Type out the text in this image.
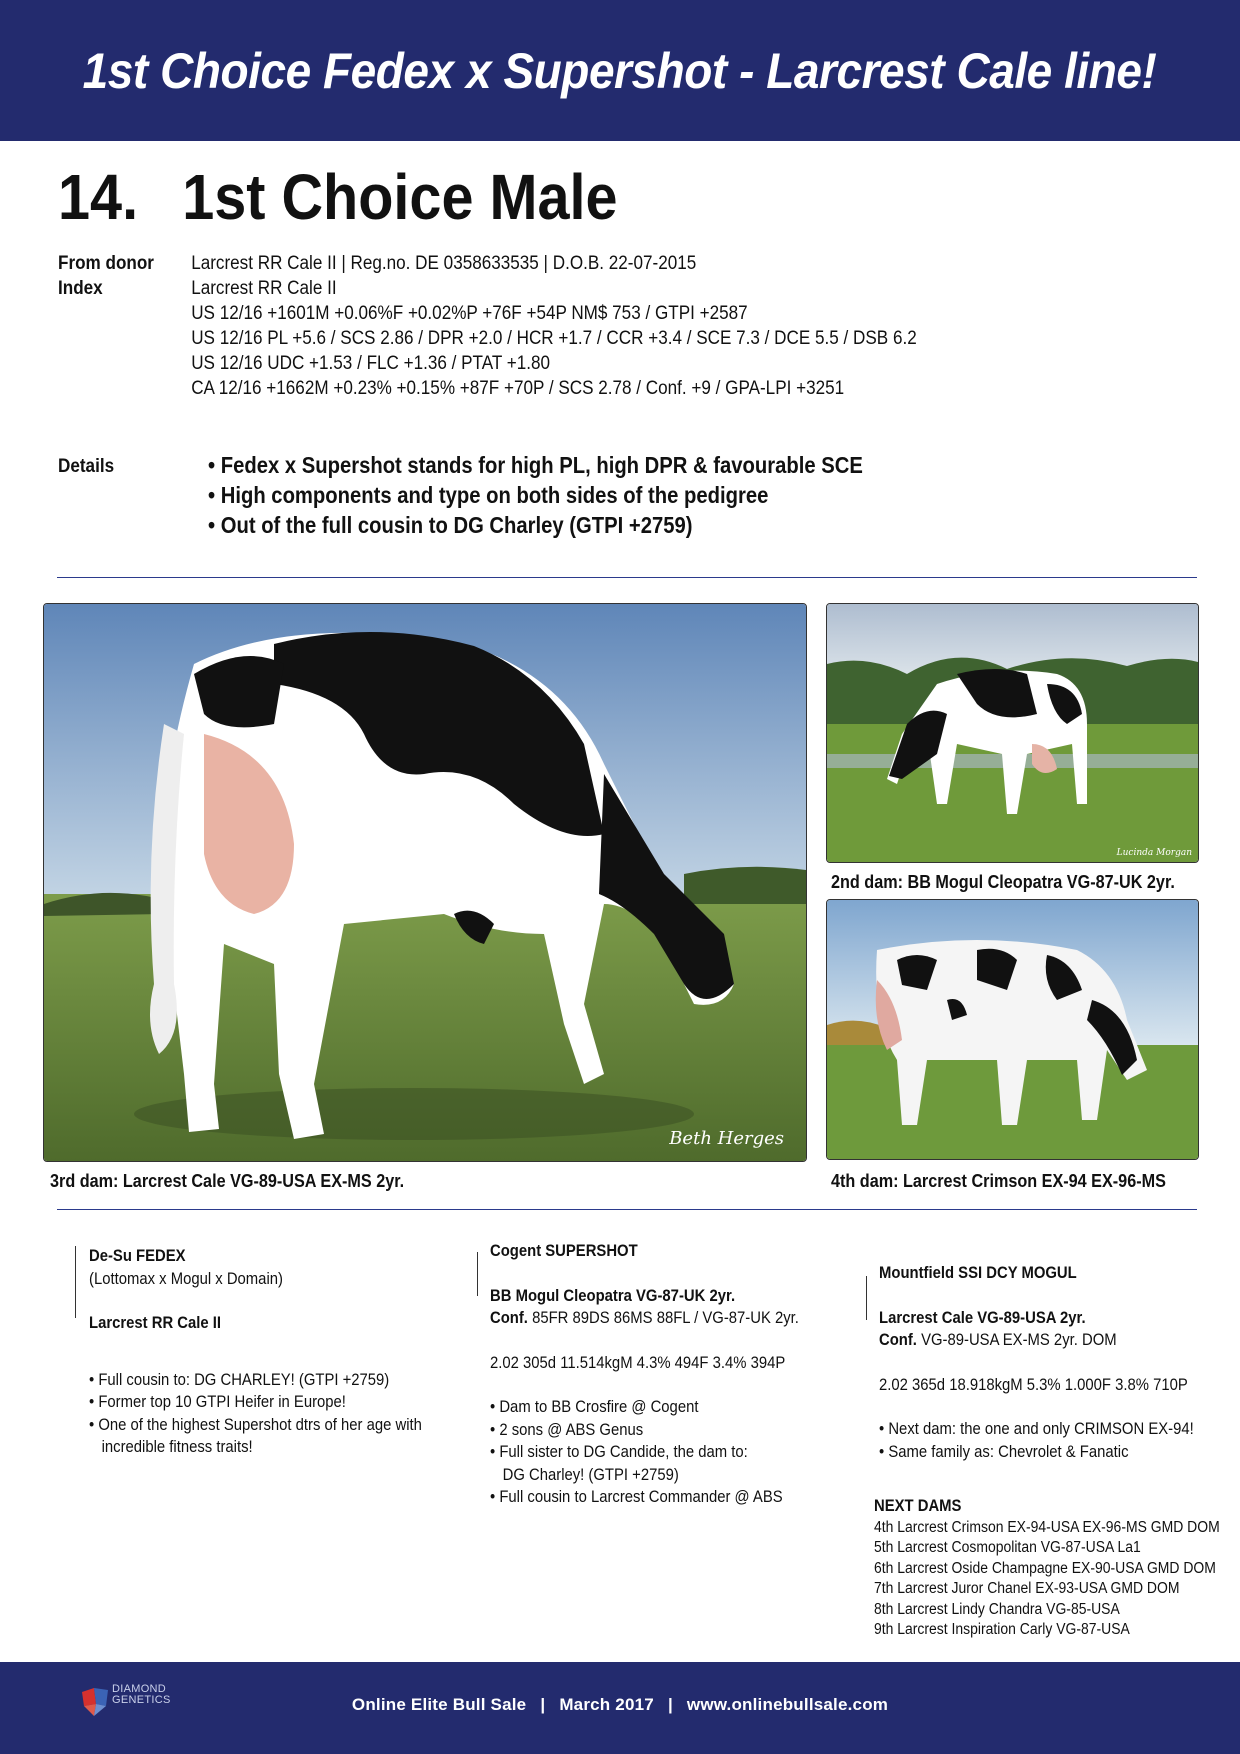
1st Choice Fedex x Supershot - Larcrest Cale line!
14. 1st Choice Male
From donor Larcrest RR Cale II | Reg.no. DE 0358633535 | D.O.B. 22-07-2015
Index	Larcrest RR Cale II
US 12/16 +1601M +0.06%F +0.02%P +76F +54P NM$ 753 / GTPI +2587
US 12/16 PL +5.6 / SCS 2.86 / DPR +2.0 / HCR +1.7 / CCR +3.4 / SCE 7.3 / DCE 5.5 / DSB 6.2
US 12/16 UDC +1.53 / FLC +1.36 / PTAT +1.80
CA 12/16 +1662M +0.23% +0.15% +87F +70P / SCS 2.78 / Conf. +9 / GPA-LPI +3251
Details
•	Fedex x Supershot stands for high PL, high DPR & favourable SCE
• High components and type on both sides of the pedigree
• Out of the full cousin to DG Charley (GTPI +2759)
Beth Herges
3rd dam: Larcrest Cale VG-89-USA EX-MS 2yr.
Lucinda Morgan
2nd dam: BB Mogul Cleopatra VG-87-UK 2yr.
4th dam: Larcrest Crimson EX-94 EX-96-MS
De-Su FEDEX
(Lottomax x Mogul x Domain)
Larcrest RR Cale II
• Full cousin to: DG CHARLEY! (GTPI +2759)
• Former top 10 GTPI Heifer in Europe!
• One of the highest Supershot dtrs of her age with incredible fitness traits!
Cogent SUPERSHOT
BB Mogul Cleopatra VG-87-UK 2yr.
Conf. 85FR 89DS 86MS 88FL / VG-87-UK 2yr.
2.02 305d 11.514kgM 4.3% 494F 3.4% 394P
• Dam to BB Crosfire @ Cogent
• 2 sons @ ABS Genus
• Full sister to DG Candide, the dam to: DG Charley! (GTPI +2759)
• Full cousin to Larcrest Commander @ ABS
Mountfield SSI DCY MOGUL
Larcrest Cale VG-89-USA 2yr.
Conf. VG-89-USA EX-MS 2yr. DOM
2.02 365d 18.918kgM 5.3% 1.000F 3.8% 710P
• Next dam: the one and only CRIMSON EX-94!
• Same family as: Chevrolet & Fanatic
NEXT DAMS
4th Larcrest Crimson EX-94-USA EX-96-MS GMD DOM
5th Larcrest Cosmopolitan VG-87-USA La1
6th Larcrest Oside Champagne EX-90-USA GMD DOM
7th Larcrest Juror Chanel EX-93-USA GMD DOM
8th Larcrest Lindy Chandra VG-85-USA
9th Larcrest Inspiration Carly VG-87-USA
DIAMOND
GENETICS	Online Elite Bull Sale | March 2017 | www.onlinebullsale.com
